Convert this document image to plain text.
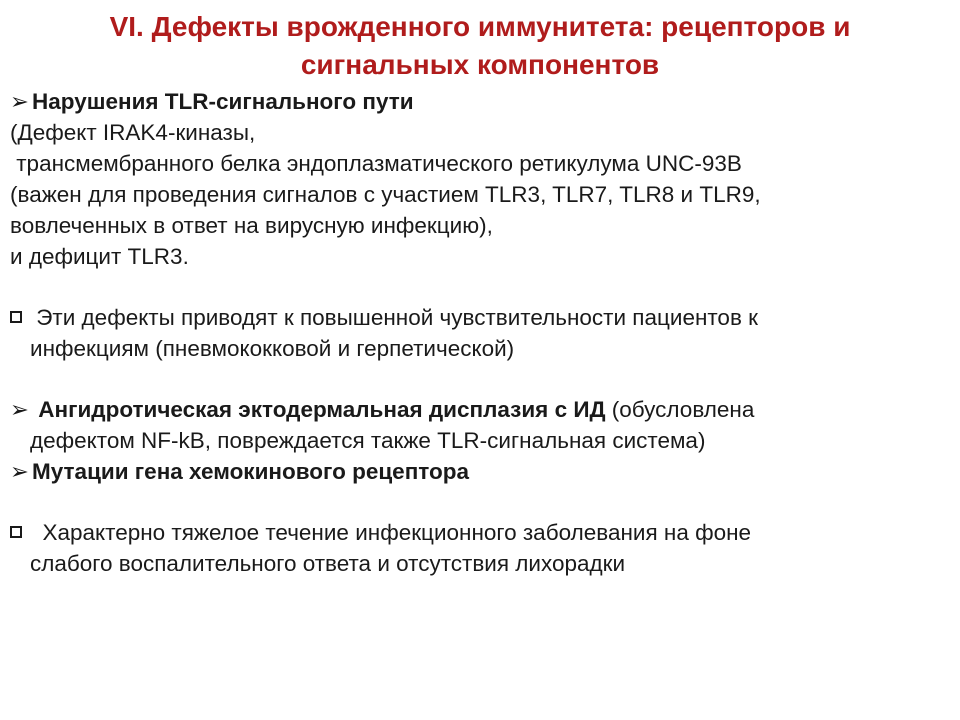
VI. Дефекты врожденного иммунитета: рецепторов и
сигнальных компонентов
➢ Нарушения TLR-сигнального пути
(Дефект IRAK4-киназы,
трансмембранного белка эндоплазматического ретикулума UNC-93B
(важен для проведения сигналов с участием TLR3, TLR7, TLR8 и TLR9,
вовлеченных в ответ на вирусную инфекцию),
и дефицит TLR3.
Эти дефекты приводят к повышенной чувствительности пациентов к
инфекциям (пневмококковой и герпетической)
➢ Ангидротическая эктодермальная дисплазия с ИД (обусловлена
дефектом NF-kB, повреждается также TLR-сигнальная система)
➢ Мутации гена хемокинового рецептора
Характерно тяжелое течение инфекционного заболевания на фоне
слабого воспалительного ответа и отсутствия лихорадки
